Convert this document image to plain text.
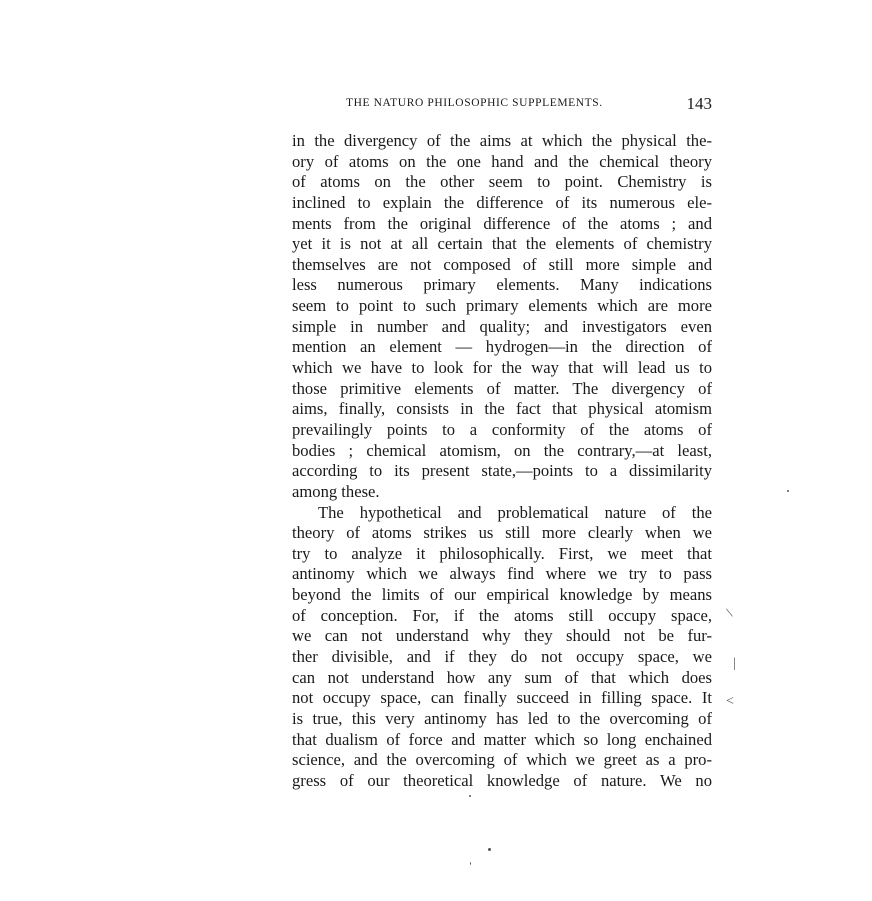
THE NATURO PHILOSOPHIC SUPPLEMENTS.	143
in the divergency of the aims at which the physical the-
ory of atoms on the one hand and the chemical theory
of atoms on the other seem to point. Chemistry is
inclined to explain the difference of its numerous ele-
ments from the original difference of the atoms ; and
yet it is not at all certain that the elements of chemistry
themselves are not composed of still more simple and
less numerous primary elements. Many indications
seem to point to such primary elements which are more
simple in number and quality; and investigators even
mention an element — hydrogen—in the direction of
which we have to look for the way that will lead us to
those primitive elements of matter. The divergency of
aims, finally, consists in the fact that physical atomism
prevailingly points to a conformity of the atoms of
bodies ; chemical atomism, on the contrary,—at least,
according to its present state,—points to a dissimilarity
among these.
The hypothetical and problematical nature of the
theory of atoms strikes us still more clearly when we
try to analyze it philosophically. First, we meet that
antinomy which we always find where we try to pass
beyond the limits of our empirical knowledge by means
of conception. For, if the atoms still occupy space,
we can not understand why they should not be fur-
ther divisible, and if they do not occupy space, we
can not understand how any sum of that which does
not occupy space, can finally succeed in filling space. It
is true, this very antinomy has led to the overcoming of
that dualism of force and matter which so long enchained
science, and the overcoming of which we greet as a pro-
gress of our theoretical knowledge of nature. We no
\
|
<
